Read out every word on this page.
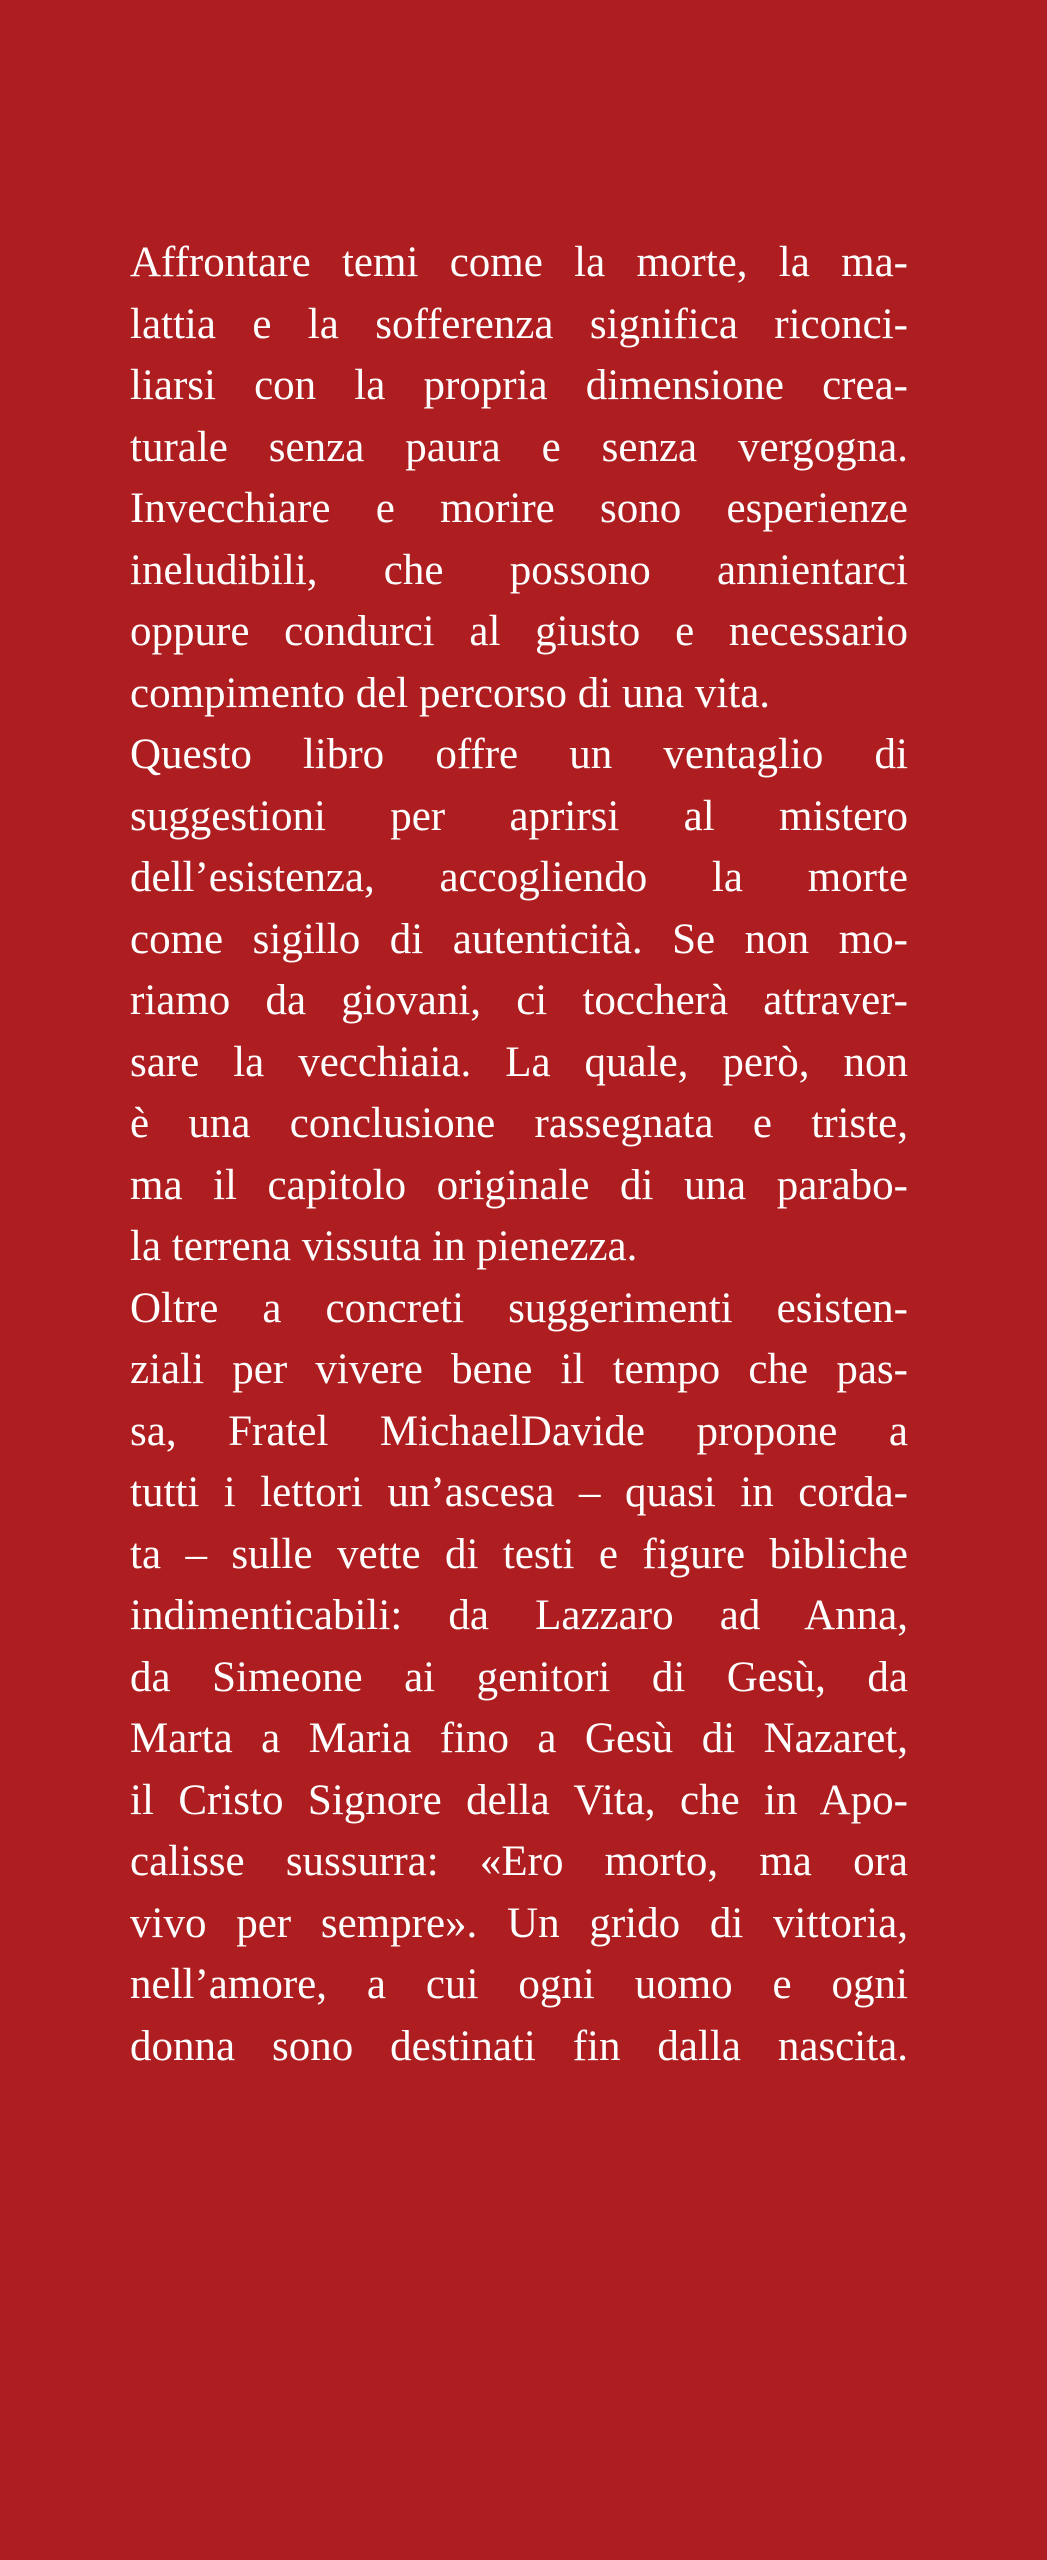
Affrontare temi come la morte, la ma-
lattia e la sofferenza significa riconci-
liarsi con la propria dimensione crea-
turale senza paura e senza vergogna.
Invecchiare e morire sono esperienze
ineludibili, che possono annientarci
oppure condurci al giusto e necessario
compimento del percorso di una vita.
Questo libro offre un ventaglio di
suggestioni per aprirsi al mistero
dell’esistenza, accogliendo la morte
come sigillo di autenticità. Se non mo-
riamo da giovani, ci toccherà attraver-
sare la vecchiaia. La quale, però, non
è una conclusione rassegnata e triste,
ma il capitolo originale di una parabo-
la terrena vissuta in pienezza.
Oltre a concreti suggerimenti esisten-
ziali per vivere bene il tempo che pas-
sa, Fratel MichaelDavide propone a
tutti i lettori un’ascesa – quasi in corda-
ta – sulle vette di testi e figure bibliche
indimenticabili: da Lazzaro ad Anna,
da Simeone ai genitori di Gesù, da
Marta a Maria fino a Gesù di Nazaret,
il Cristo Signore della Vita, che in Apo-
calisse sussurra: «Ero morto, ma ora
vivo per sempre». Un grido di vittoria,
nell’amore, a cui ogni uomo e ogni
donna sono destinati fin dalla nascita.
